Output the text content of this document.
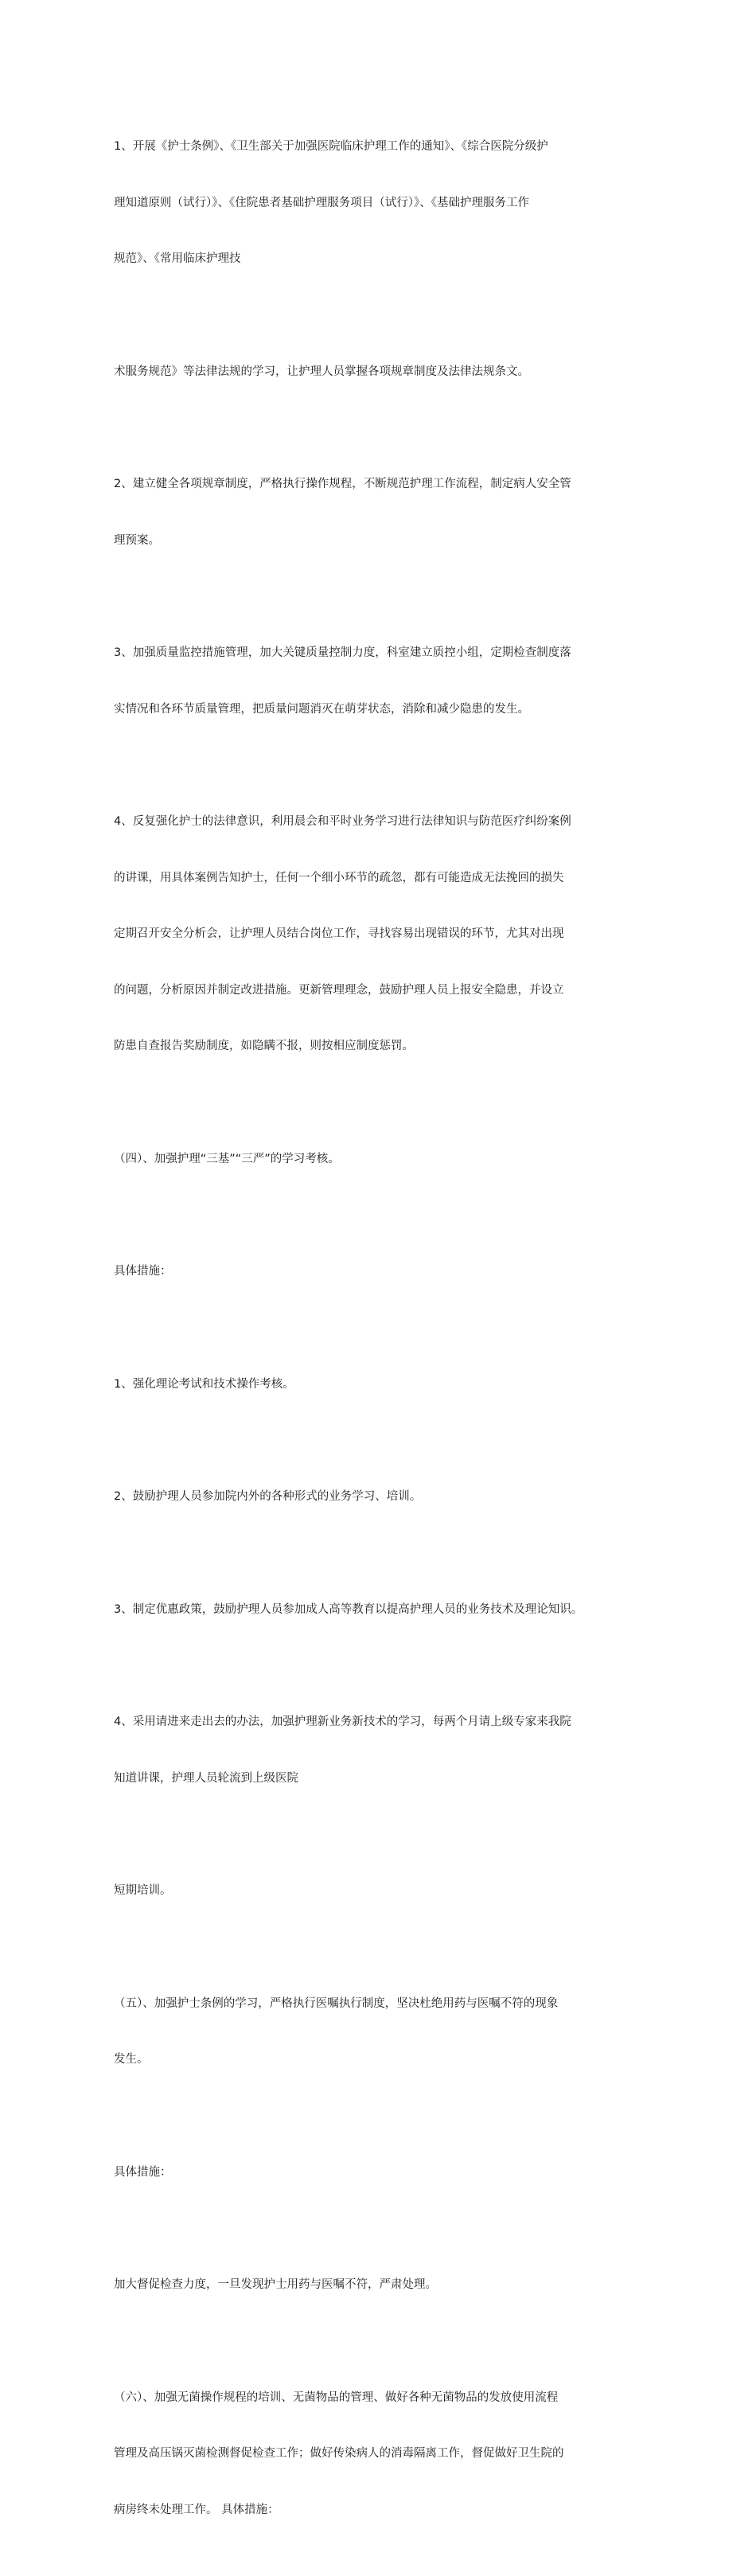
1、开展《护士条例》、《卫生部关于加强医院临床护理工作的通知》、《综合医院分级护

理知道原则（试行）》、《住院患者基础护理服务项目（试行）》、《基础护理服务工作

规范》、《常用临床护理技

术服务规范》等法律法规的学习，让护理人员掌握各项规章制度及法律法规条文。

2、建立健全各项规章制度，严格执行操作规程，不断规范护理工作流程，制定病人安全管

理预案。

3、加强质量监控措施管理，加大关键质量控制力度，科室建立质控小组，定期检查制度落

实情况和各环节质量管理，把质量问题消灭在萌芽状态，消除和减少隐患的发生。

4、反复强化护士的法律意识，利用晨会和平时业务学习进行法律知识与防范医疗纠纷案例

的讲课，用具体案例告知护士，任何一个细小环节的疏忽，都有可能造成无法挽回的损失

定期召开安全分析会，让护理人员结合岗位工作，寻找容易出现错误的环节，尤其对出现

的问题，分析原因并制定改进措施。更新管理理念，鼓励护理人员上报安全隐患，并设立

防患自查报告奖励制度，如隐瞒不报，则按相应制度惩罚。

（四）、加强护理“三基”“三严”的学习考核。

具体措施：

1、强化理论考试和技术操作考核。

2、鼓励护理人员参加院内外的各种形式的业务学习、培训。

3、制定优惠政策，鼓励护理人员参加成人高等教育以提高护理人员的业务技术及理论知识。

4、采用请进来走出去的办法，加强护理新业务新技术的学习，每两个月请上级专家来我院

知道讲课，护理人员轮流到上级医院

短期培训。

（五）、加强护士条例的学习，严格执行医嘱执行制度，坚决杜绝用药与医嘱不符的现象

发生。

具体措施：

加大督促检查力度，一旦发现护士用药与医嘱不符，严肃处理。

（六）、加强无菌操作规程的培训、无菌物品的管理、做好各种无菌物品的发放使用流程

管理及高压锅灭菌检测督促检查工作；做好传染病人的消毒隔离工作，督促做好卫生院的

病房终未处理工作。 具体措施：
